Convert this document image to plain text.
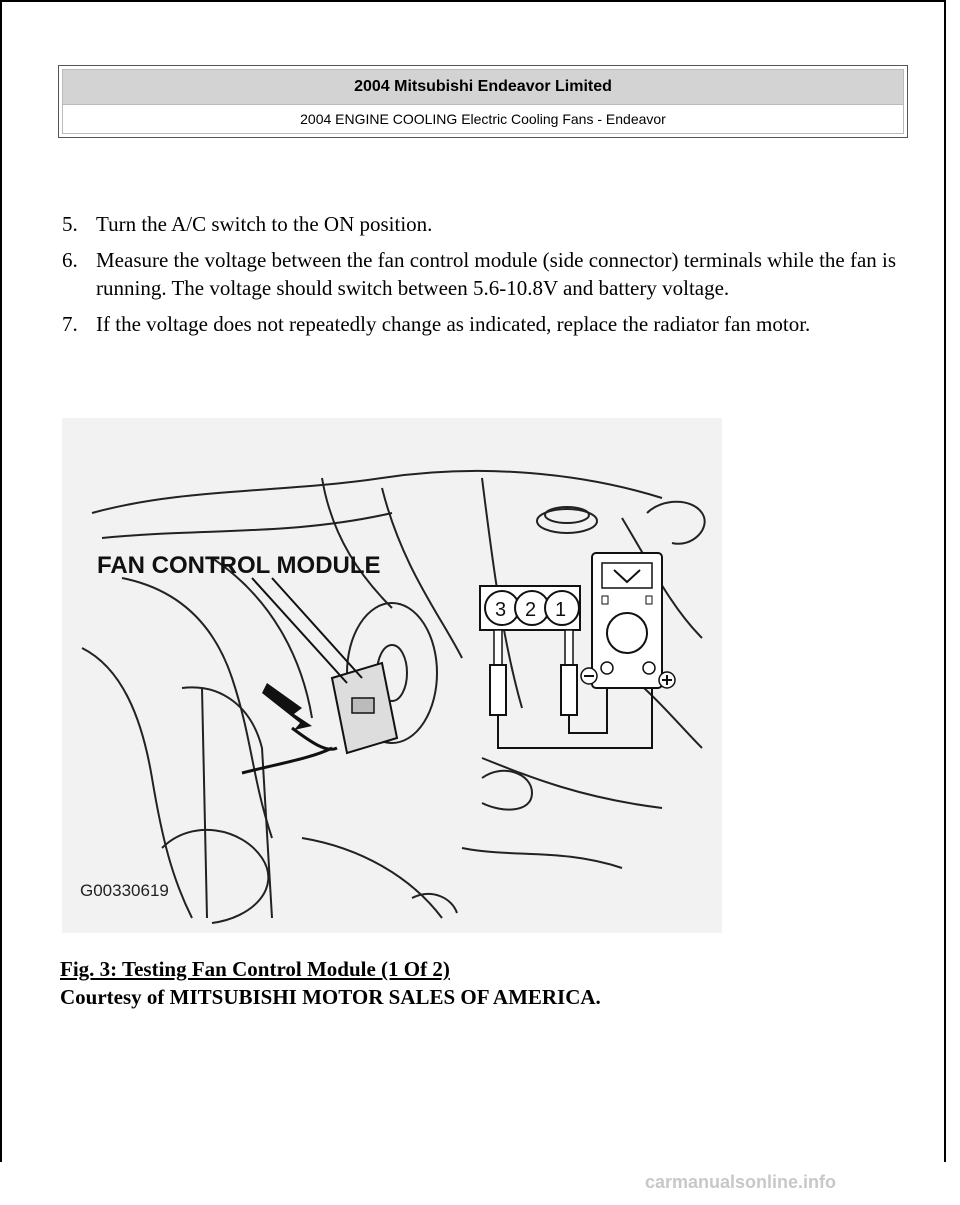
2004 Mitsubishi Endeavor Limited
2004 ENGINE COOLING Electric Cooling Fans - Endeavor
5. Turn the A/C switch to the ON position.
6. Measure the voltage between the fan control module (side connector) terminals while the fan is running. The voltage should switch between 5.6-10.8V and battery voltage.
7. If the voltage does not repeatedly change as indicated, replace the radiator fan motor.
FAN CONTROL MODULE
3 2 1
G00330619
Fig. 3: Testing Fan Control Module (1 Of 2)
Courtesy of MITSUBISHI MOTOR SALES OF AMERICA.
carmanualsonline.info
